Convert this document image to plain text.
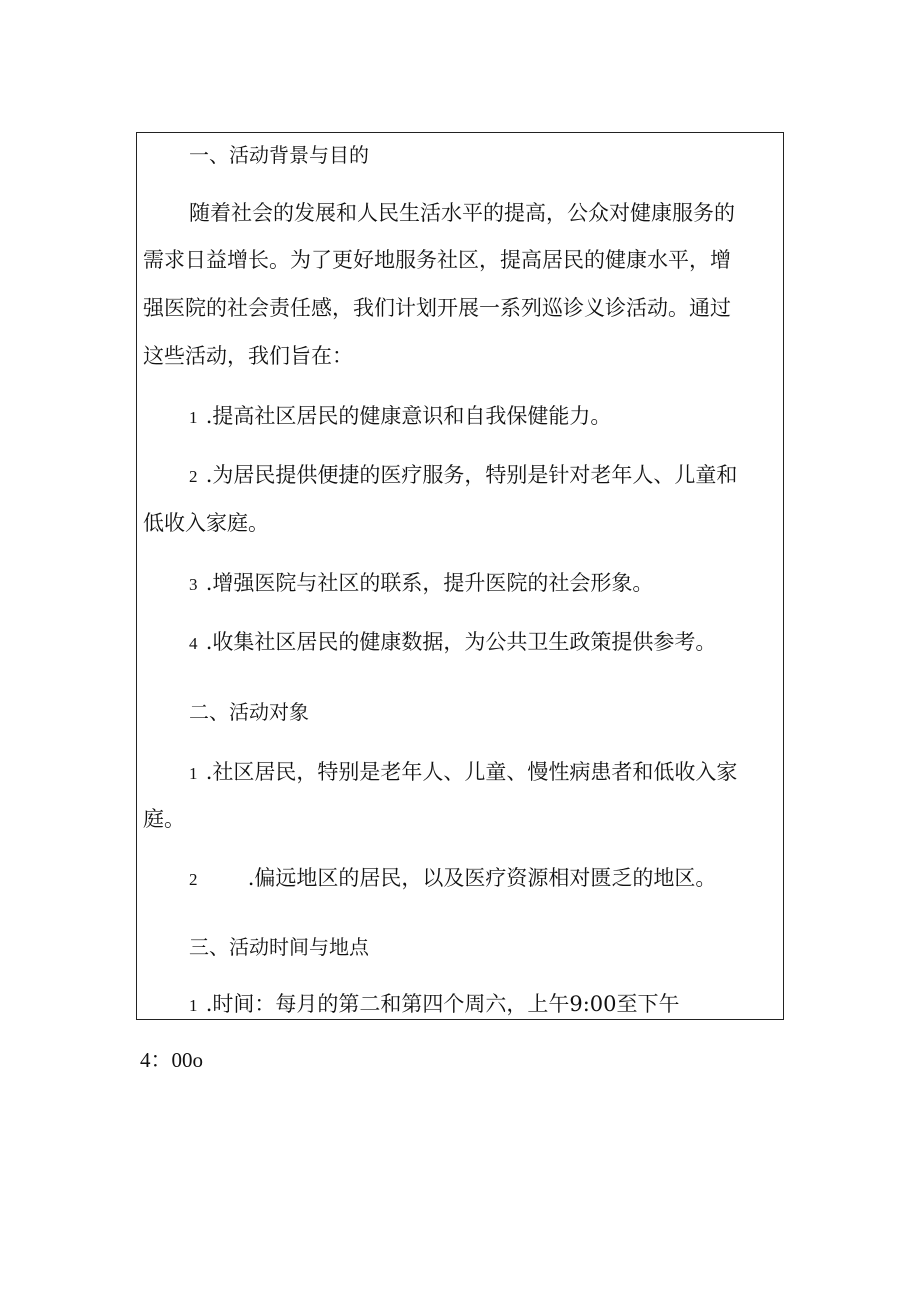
一、活动背景与目的
随着社会的发展和人民生活水平的提高，公众对健康服务的
需求日益增长。为了更好地服务社区，提高居民的健康水平，增
强医院的社会责任感，我们计划开展一系列巡诊义诊活动。通过
这些活动，我们旨在：
1 .提高社区居民的健康意识和自我保健能力。
2 .为居民提供便捷的医疗服务，特别是针对老年人、儿童和
低收入家庭。
3 .增强医院与社区的联系，提升医院的社会形象。
4 .收集社区居民的健康数据，为公共卫生政策提供参考。
二、活动对象
1 .社区居民，特别是老年人、儿童、慢性病患者和低收入家
庭。
2 .偏远地区的居民，以及医疗资源相对匮乏的地区。
三、活动时间与地点
1 .时间：每月的第二和第四个周六，上午9:00至下午
4：00o
